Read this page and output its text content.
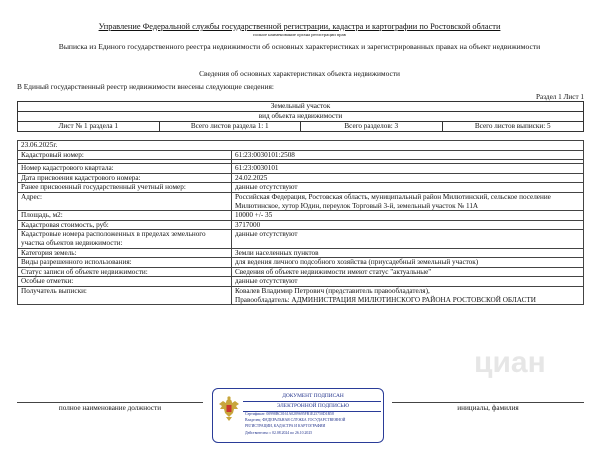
Управление Федеральной службы государственной регистрации, кадастра и картографии по Ростовской области
полное наименование органа регистрации прав
Выписка из Единого государственного реестра недвижимости об основных характеристиках и зарегистрированных правах на объект недвижимости
Сведения об основных характеристиках объекта недвижимости
В Единый государственный реестр недвижимости внесены следующие сведения:
Раздел 1 Лист 1
Земельный участок
вид объекта недвижимости
Лист № 1 раздела 1	Всего листов раздела 1: 1	Всего разделов: 3	Всего листов выписки: 5
23.06.2025г.	
Кадастровый номер:	61:23:0030101:2508

Номер кадастрового квартала:	61:23:0030101
Дата присвоения кадастрового номера:	24.02.2025
Ранее присвоенный государственный учетный номер:	данные отсутствуют
Адрес:	Российская Федерация, Ростовская область, муниципальный район Милютинский, сельское поселение Милютинское, хутор Юдин, переулок Торговый 3-й, земельный участок № 11А
Площадь, м2:	10000 +/- 35
Кадастровая стоимость, руб:	3717000
Кадастровые номера расположенных в пределах земельного участка объектов недвижимости:	данные отсутствуют
Категория земель:	Земли населенных пунктов
Виды разрешенного использования:	для ведения личного подсобного хозяйства (приусадебный земельный участок)
Статус записи об объекте недвижимости:	Сведения об объекте недвижимости имеют статус "актуальные"
Особые отметки:	данные отсутствуют
Получатель выписки:	Ковалев Владимир Петрович (представитель правообладателя),
Правообладатель: АДМИНИСТРАЦИЯ МИЛЮТИНСКОГО РАЙОНА РОСТОВСКОЙ ОБЛАСТИ
циан
полное наименование должности	инициалы, фамилия
ДОКУМЕНТ ПОДПИСАН
ЭЛЕКТРОННОЙ ПОДПИСЬЮ
Сертификат: 00998BC0161A0289695FB1E25750D1B58
Владелец: ФЕДЕРАЛЬНАЯ СЛУЖБА ГОСУДАРСТВЕННОЙ
РЕГИСТРАЦИИ, КАДАСТРА И КАРТОГРАФИИ
Действителен: с 02.08.2024 по 26.10.2025
